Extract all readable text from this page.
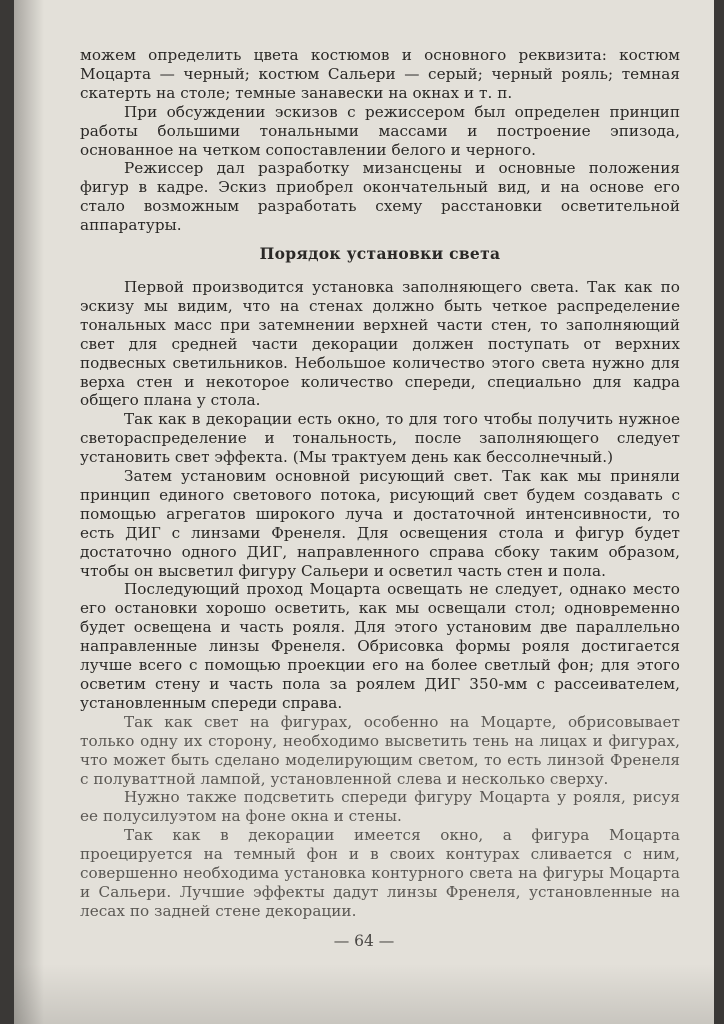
можем определить цвета костюмов и основного реквизита: костюм Моцарта — черный; костюм Сальери — серый; черный рояль; темная скатерть на столе; темные занавески на окнах и т. п.

При обсуждении эскизов с режиссером был определен принцип работы большими тональными массами и построение эпизода, основанное на четком сопоставлении белого и черного.

Режиссер дал разработку мизансцены и основные положения фигур в кадре. Эскиз приобрел окончательный вид, и на основе его стало возможным разработать схему расстановки осветительной аппаратуры.

Порядок установки света

Первой производится установка заполняющего света. Так как по эскизу мы видим, что на стенах должно быть четкое распределение тональных масс при затемнении верхней части стен, то заполняющий свет для средней части декорации должен поступать от верхних подвесных светильников. Небольшое количество этого света нужно для верха стен и некоторое количество спереди, специально для кадра общего плана у стола.

Так как в декорации есть окно, то для того чтобы получить нужное светораспределение и тональность, после заполняющего следует установить свет эффекта. (Мы трактуем день как бессолнечный.)

Затем установим основной рисующий свет. Так как мы приняли принцип единого светового потока, рисующий свет будем создавать с помощью агрегатов широкого луча и достаточной интенсивности, то есть ДИГ с линзами Френеля. Для освещения стола и фигур будет достаточно одного ДИГ, направленного справа сбоку таким образом, чтобы он высветил фигуру Сальери и осветил часть стен и пола.

Последующий проход Моцарта освещать не следует, однако место его остановки хорошо осветить, как мы освещали стол; одновременно будет освещена и часть рояля. Для этого установим две параллельно направленные линзы Френеля. Обрисовка формы рояля достигается лучше всего с помощью проекции его на более светлый фон; для этого осветим стену и часть пола за роялем ДИГ 350-мм с рассеивателем, установленным спереди справа.

Так как свет на фигурах, особенно на Моцарте, обрисовывает только одну их сторону, необходимо высветить тень на лицах и фигурах, что может быть сделано моделирующим светом, то есть линзой Френеля с полуваттной лампой, установленной слева и несколько сверху.

Нужно также подсветить спереди фигуру Моцарта у рояля, рисуя ее полусилуэтом на фоне окна и стены.

Так как в декорации имеется окно, а фигура Моцарта проецируется на темный фон и в своих контурах сливается с ним, совершенно необходима установка контурного света на фигуры Моцарта и Сальери. Лучшие эффекты дадут линзы Френеля, установленные на лесах по задней стене декорации.

— 64 —
